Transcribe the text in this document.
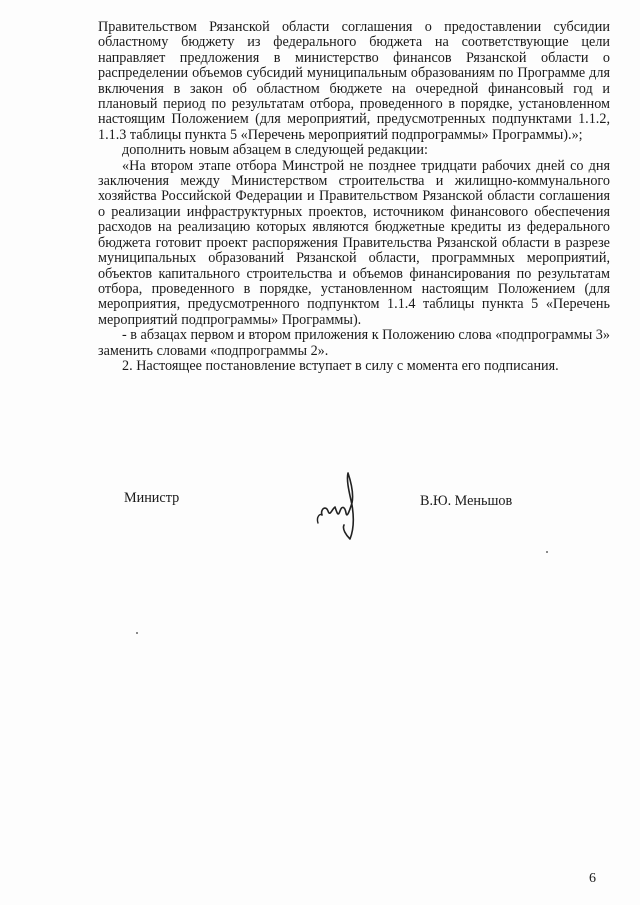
Правительством Рязанской области соглашения о предоставлении субсидии областному бюджету из федерального бюджета на соответствующие цели направляет предложения в министерство финансов Рязанской области о распределении объемов субсидий муниципальным образованиям по Программе для включения в закон об областном бюджете на очередной финансовый год и плановый период по результатам отбора, проведенного в порядке, установленном настоящим Положением (для мероприятий, предусмотренных подпунктами 1.1.2, 1.1.3 таблицы пункта 5 «Перечень мероприятий подпрограммы» Программы).»;

дополнить новым абзацем в следующей редакции:

«На втором этапе отбора Минстрой не позднее тридцати рабочих дней со дня заключения между Министерством строительства и жилищно-коммунального хозяйства Российской Федерации и Правительством Рязанской области соглашения о реализации инфраструктурных проектов, источником финансового обеспечения расходов на реализацию которых являются бюджетные кредиты из федерального бюджета готовит проект распоряжения Правительства Рязанской области в разрезе муниципальных образований Рязанской области, программных мероприятий, объектов капитального строительства и объемов финансирования по результатам отбора, проведенного в порядке, установленном настоящим Положением (для мероприятия, предусмотренного подпунктом 1.1.4 таблицы пункта 5 «Перечень мероприятий подпрограммы» Программы).

- в абзацах первом и втором приложения к Положению слова «подпрограммы 3» заменить словами «подпрограммы 2».

2. Настоящее постановление вступает в силу с момента его подписания.

Министр	В.Ю. Меньшов
6
